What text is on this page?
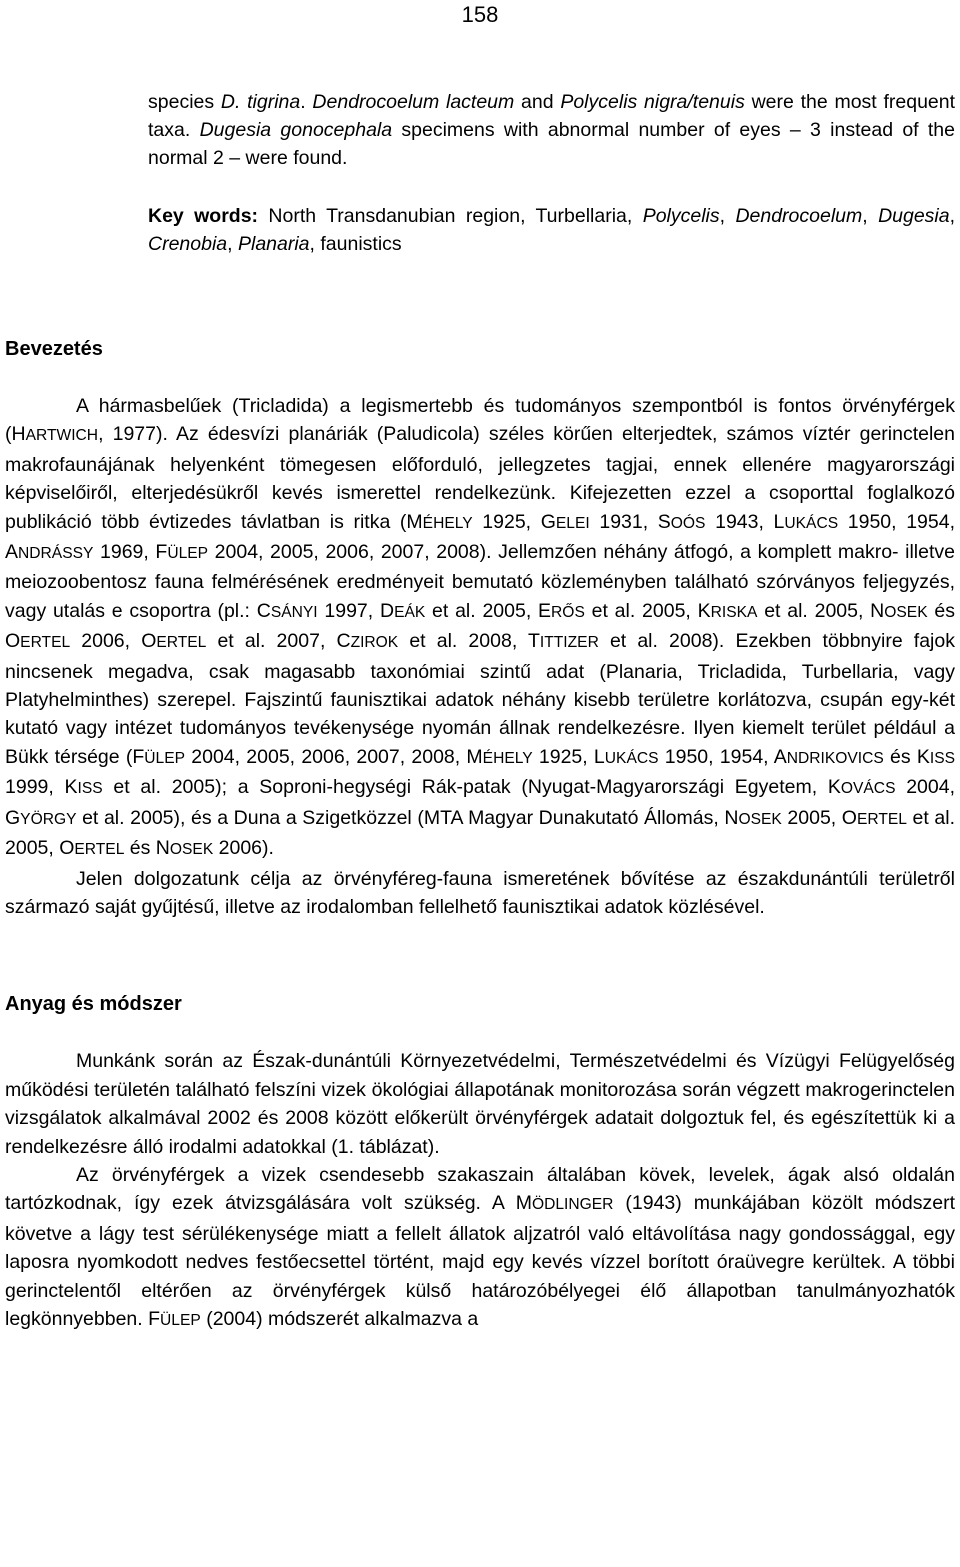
158

species D. tigrina. Dendrocoelum lacteum and Polycelis nigra/tenuis were the most frequent taxa. Dugesia gonocephala specimens with abnormal number of eyes – 3 instead of the normal 2 – were found.

Key words: North Transdanubian region, Turbellaria, Polycelis, Dendrocoelum, Dugesia, Crenobia, Planaria, faunistics

Bevezetés

A hármasbelűek (Tricladida) a legismertebb és tudományos szempontból is fontos örvényférgek (HARTWICH, 1977). Az édesvízi planáriák (Paludicola) széles körűen elterjedtek, számos víztér gerinctelen makrofaunájának helyenként tömegesen előforduló, jellegzetes tagjai, ennek ellenére magyarországi képviselőiről, elterjedésükről kevés ismerettel rendelkezünk. Kifejezetten ezzel a csoporttal foglalkozó publikáció több évtizedes távlatban is ritka (MÉHELY 1925, GELEI 1931, SOÓS 1943, LUKÁCS 1950, 1954, ANDRÁSSY 1969, FÜLEP 2004, 2005, 2006, 2007, 2008). Jellemzően néhány átfogó, a komplett makro- illetve meiozoobentosz fauna felmérésének eredményeit bemutató közleményben található szórványos feljegyzés, vagy utalás e csoportra (pl.: CSÁNYI 1997, DEÁK et al. 2005, ERŐS et al. 2005, KRISKA et al. 2005, NOSEK és OERTEL 2006, OERTEL et al. 2007, CZIROK et al. 2008, TITTIZER et al. 2008). Ezekben többnyire fajok nincsenek megadva, csak magasabb taxonómiai szintű adat (Planaria, Tricladida, Turbellaria, vagy Platyhelminthes) szerepel. Fajszintű faunisztikai adatok néhány kisebb területre korlátozva, csupán egy-két kutató vagy intézet tudományos tevékenysége nyomán állnak rendelkezésre. Ilyen kiemelt terület például a Bükk térsége (FÜLEP 2004, 2005, 2006, 2007, 2008, MÉHELY 1925, LUKÁCS 1950, 1954, ANDRIKOVICS és KISS 1999, KISS et al. 2005); a Soproni-hegységi Rák-patak (Nyugat-Magyarországi Egyetem, KOVÁCS 2004, GYÖRGY et al. 2005), és a Duna a Szigetközzel (MTA Magyar Dunakutató Állomás, NOSEK 2005, OERTEL et al. 2005, OERTEL és NOSEK 2006).

Jelen dolgozatunk célja az örvényféreg-fauna ismeretének bővítése az északdunántúli területről származó saját gyűjtésű, illetve az irodalomban fellelhető faunisztikai adatok közlésével.

Anyag és módszer

Munkánk során az Észak-dunántúli Környezetvédelmi, Természetvédelmi és Vízügyi Felügyelőség működési területén található felszíni vizek ökológiai állapotának monitorozása során végzett makrogerinctelen vizsgálatok alkalmával 2002 és 2008 között előkerült örvényférgek adatait dolgoztuk fel, és egészítettük ki a rendelkezésre álló irodalmi adatokkal (1. táblázat).

Az örvényférgek a vizek csendesebb szakaszain általában kövek, levelek, ágak alsó oldalán tartózkodnak, így ezek átvizsgálására volt szükség. A MÖDLINGER (1943) munkájában közölt módszert követve a lágy test sérülékenysége miatt a fellelt állatok aljzatról való eltávolítása nagy gondossággal, egy laposra nyomkodott nedves festőecsettel történt, majd egy kevés vízzel borított óraüvegre kerültek. A többi gerinctelentől eltérően az örvényférgek külső határozóbélyegei élő állapotban tanulmányozhatók legkönnyebben. FÜLEP (2004) módszerét alkalmazva a
